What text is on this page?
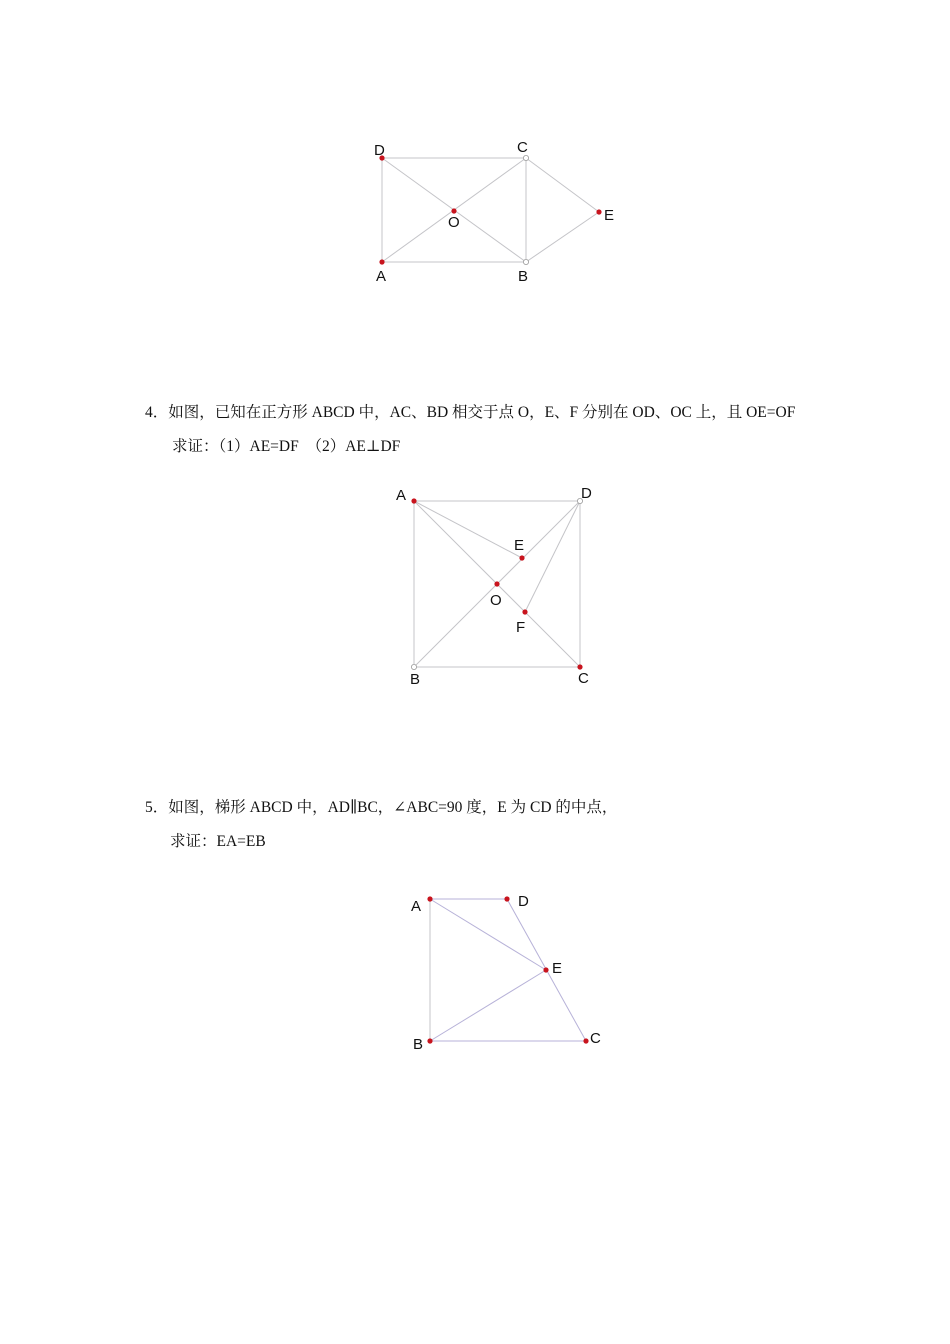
D	C
O	E
A	B
4．如图，已知在正方形 ABCD 中，AC、BD 相交于点 O，E、F 分别在 OD、OC 上，且 OE=OF
求证：（1）AE=DF　（2）AE⊥DF
A	D
E
O
F
B	C
5．如图，梯形 ABCD 中，AD∥BC，∠ABC=90 度，E 为 CD 的中点，
求证：EA=EB
A	D
E
B	C
